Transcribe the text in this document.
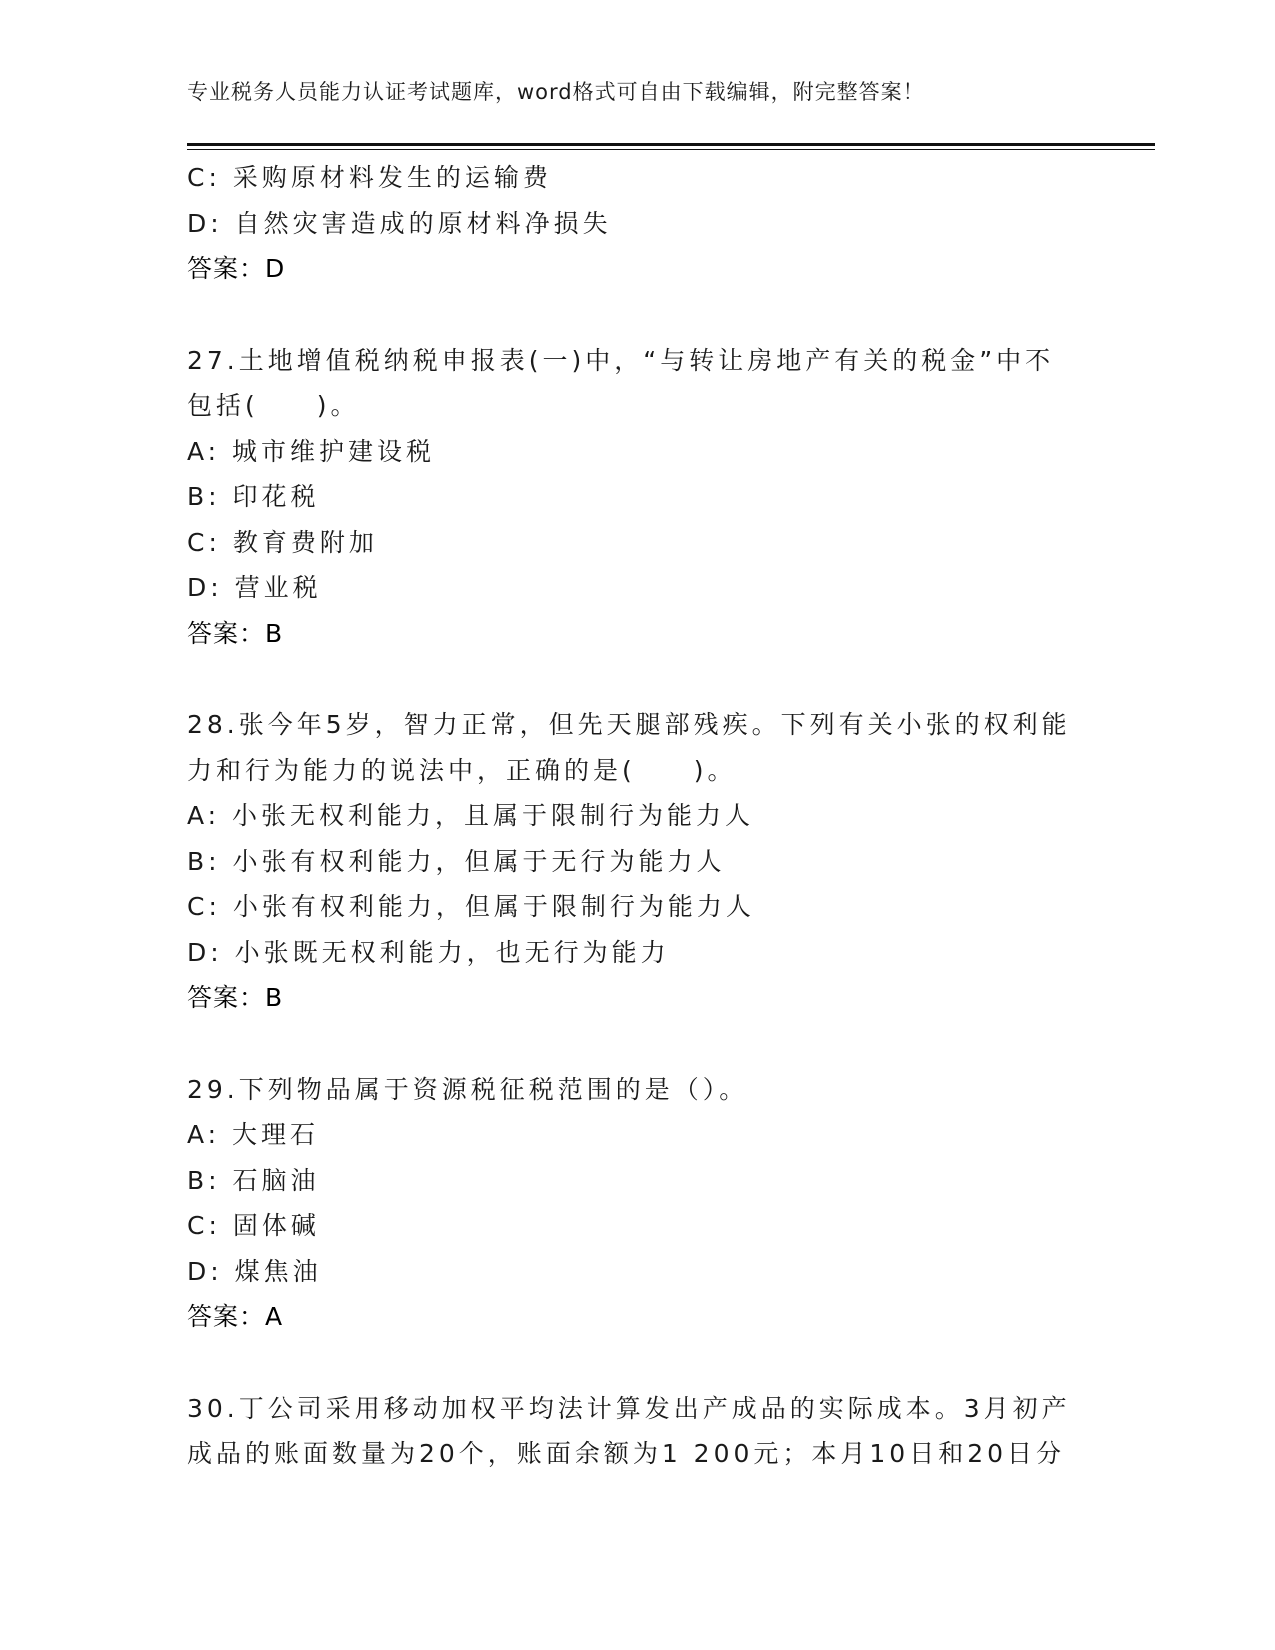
专业税务人员能力认证考试题库，word格式可自由下载编辑，附完整答案！
C: 采购原材料发生的运输费
D: 自然灾害造成的原材料净损失
答案：D
27.土地增值税纳税申报表(一)中，“与转让房地产有关的税金”中不
包括(　　)。
A: 城市维护建设税
B: 印花税
C: 教育费附加
D: 营业税
答案：B
28.张今年5岁，智力正常，但先天腿部残疾。下列有关小张的权利能
力和行为能力的说法中，正确的是(　　)。
A: 小张无权利能力，且属于限制行为能力人
B: 小张有权利能力，但属于无行为能力人
C: 小张有权利能力，但属于限制行为能力人
D: 小张既无权利能力，也无行为能力
答案：B
29.下列物品属于资源税征税范围的是（）。
A: 大理石
B: 石脑油
C: 固体碱
D: 煤焦油
答案：A
30.丁公司采用移动加权平均法计算发出产成品的实际成本。3月初产
成品的账面数量为20个，账面余额为1 200元；本月10日和20日分
